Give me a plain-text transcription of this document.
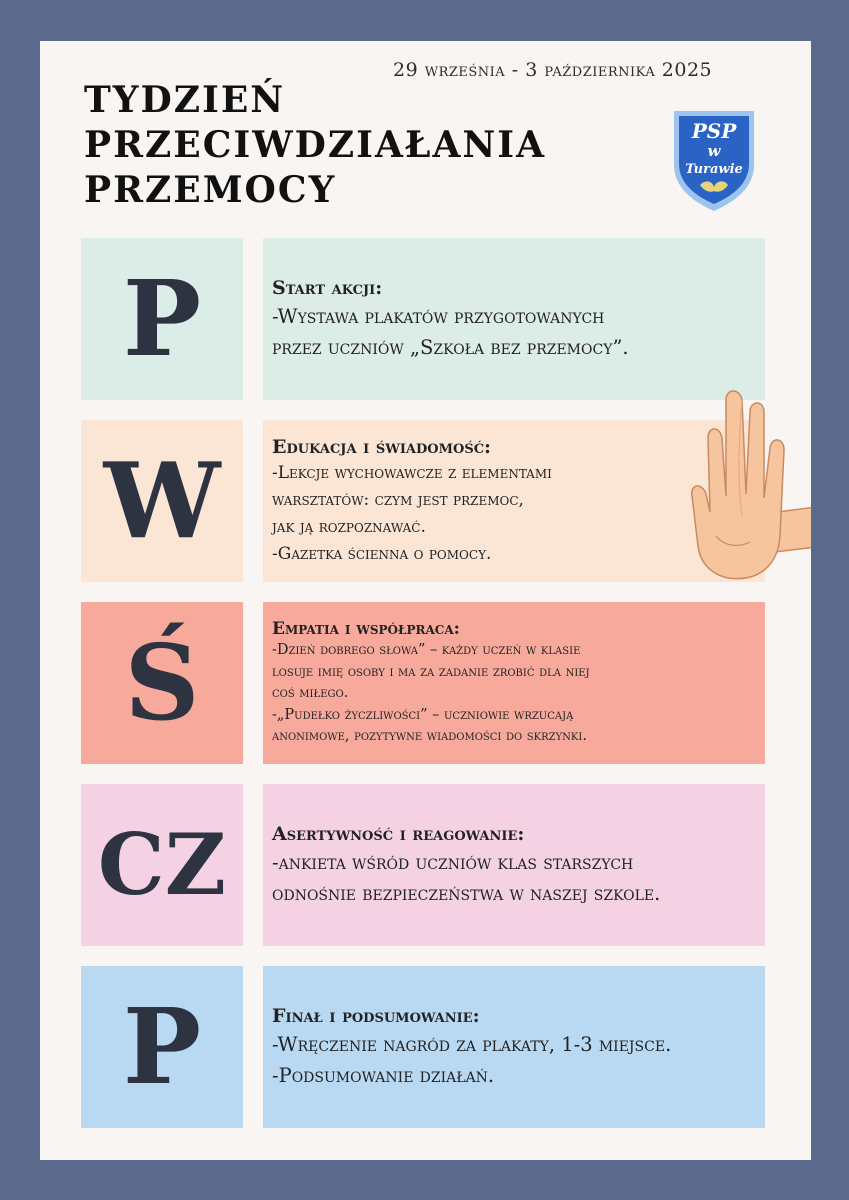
29 września - 3 października 2025
TYDZIEŃ
PRZECIWDZIAŁANIA
PRZEMOCY
PSP
w
Turawie
P	Start akcji:

-Wystawa plakatów przygotowanych

przez uczniów „Szkoła bez przemocy”.

W	Edukacja i świadomość:

-Lekcje wychowawcze z elementami

warsztatów: czym jest przemoc,

jak ją rozpoznawać.

-Gazetka ścienna o pomocy.

Ś	Empatia i współpraca:

-Dzień dobrego słowa” – każdy uczeń w klasie

losuje imię osoby i ma za zadanie zrobić dla niej

coś miłego.

-„Pudełko życzliwości” – uczniowie wrzucają

anonimowe, pozytywne wiadomości do skrzynki.

CZ Asertywność i reagowanie:

-ankieta wśród uczniów klas starszych

odnośnie bezpieczeństwa w naszej szkole.

P	Finał i podsumowanie:

-Wręczenie nagród za plakaty, 1-3 miejsce.

-Podsumowanie działań.
